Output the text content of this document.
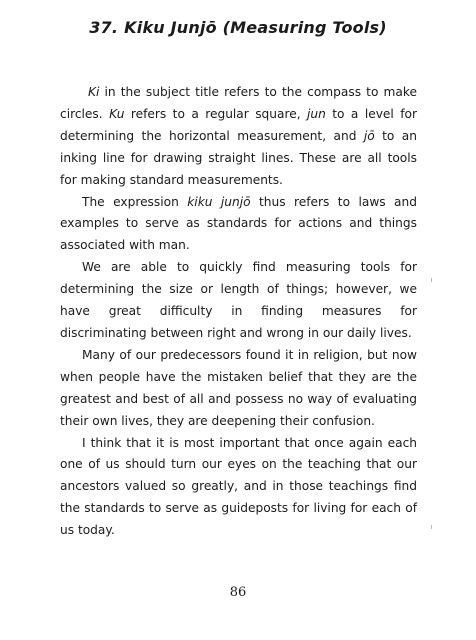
37. Kiku Junjō (Measuring Tools)

Ki in the subject title refers to the compass to make circles. Ku refers to a regular square, jun to a level for determining the horizontal measurement, and jō to an inking line for drawing straight lines. These are all tools for making standard measurements.

The expression kiku junjō thus refers to laws and examples to serve as standards for actions and things associated with man.

We are able to quickly find measuring tools for determining the size or length of things; however, we have great difficulty in finding measures for discriminating between right and wrong in our daily lives.

Many of our predecessors found it in religion, but now when people have the mistaken belief that they are the greatest and best of all and possess no way of evaluating their own lives, they are deepening their confusion.

I think that it is most important that once again each one of us should turn our eyes on the teaching that our ancestors valued so greatly, and in those teachings find the standards to serve as guideposts for living for each of us today.

86
